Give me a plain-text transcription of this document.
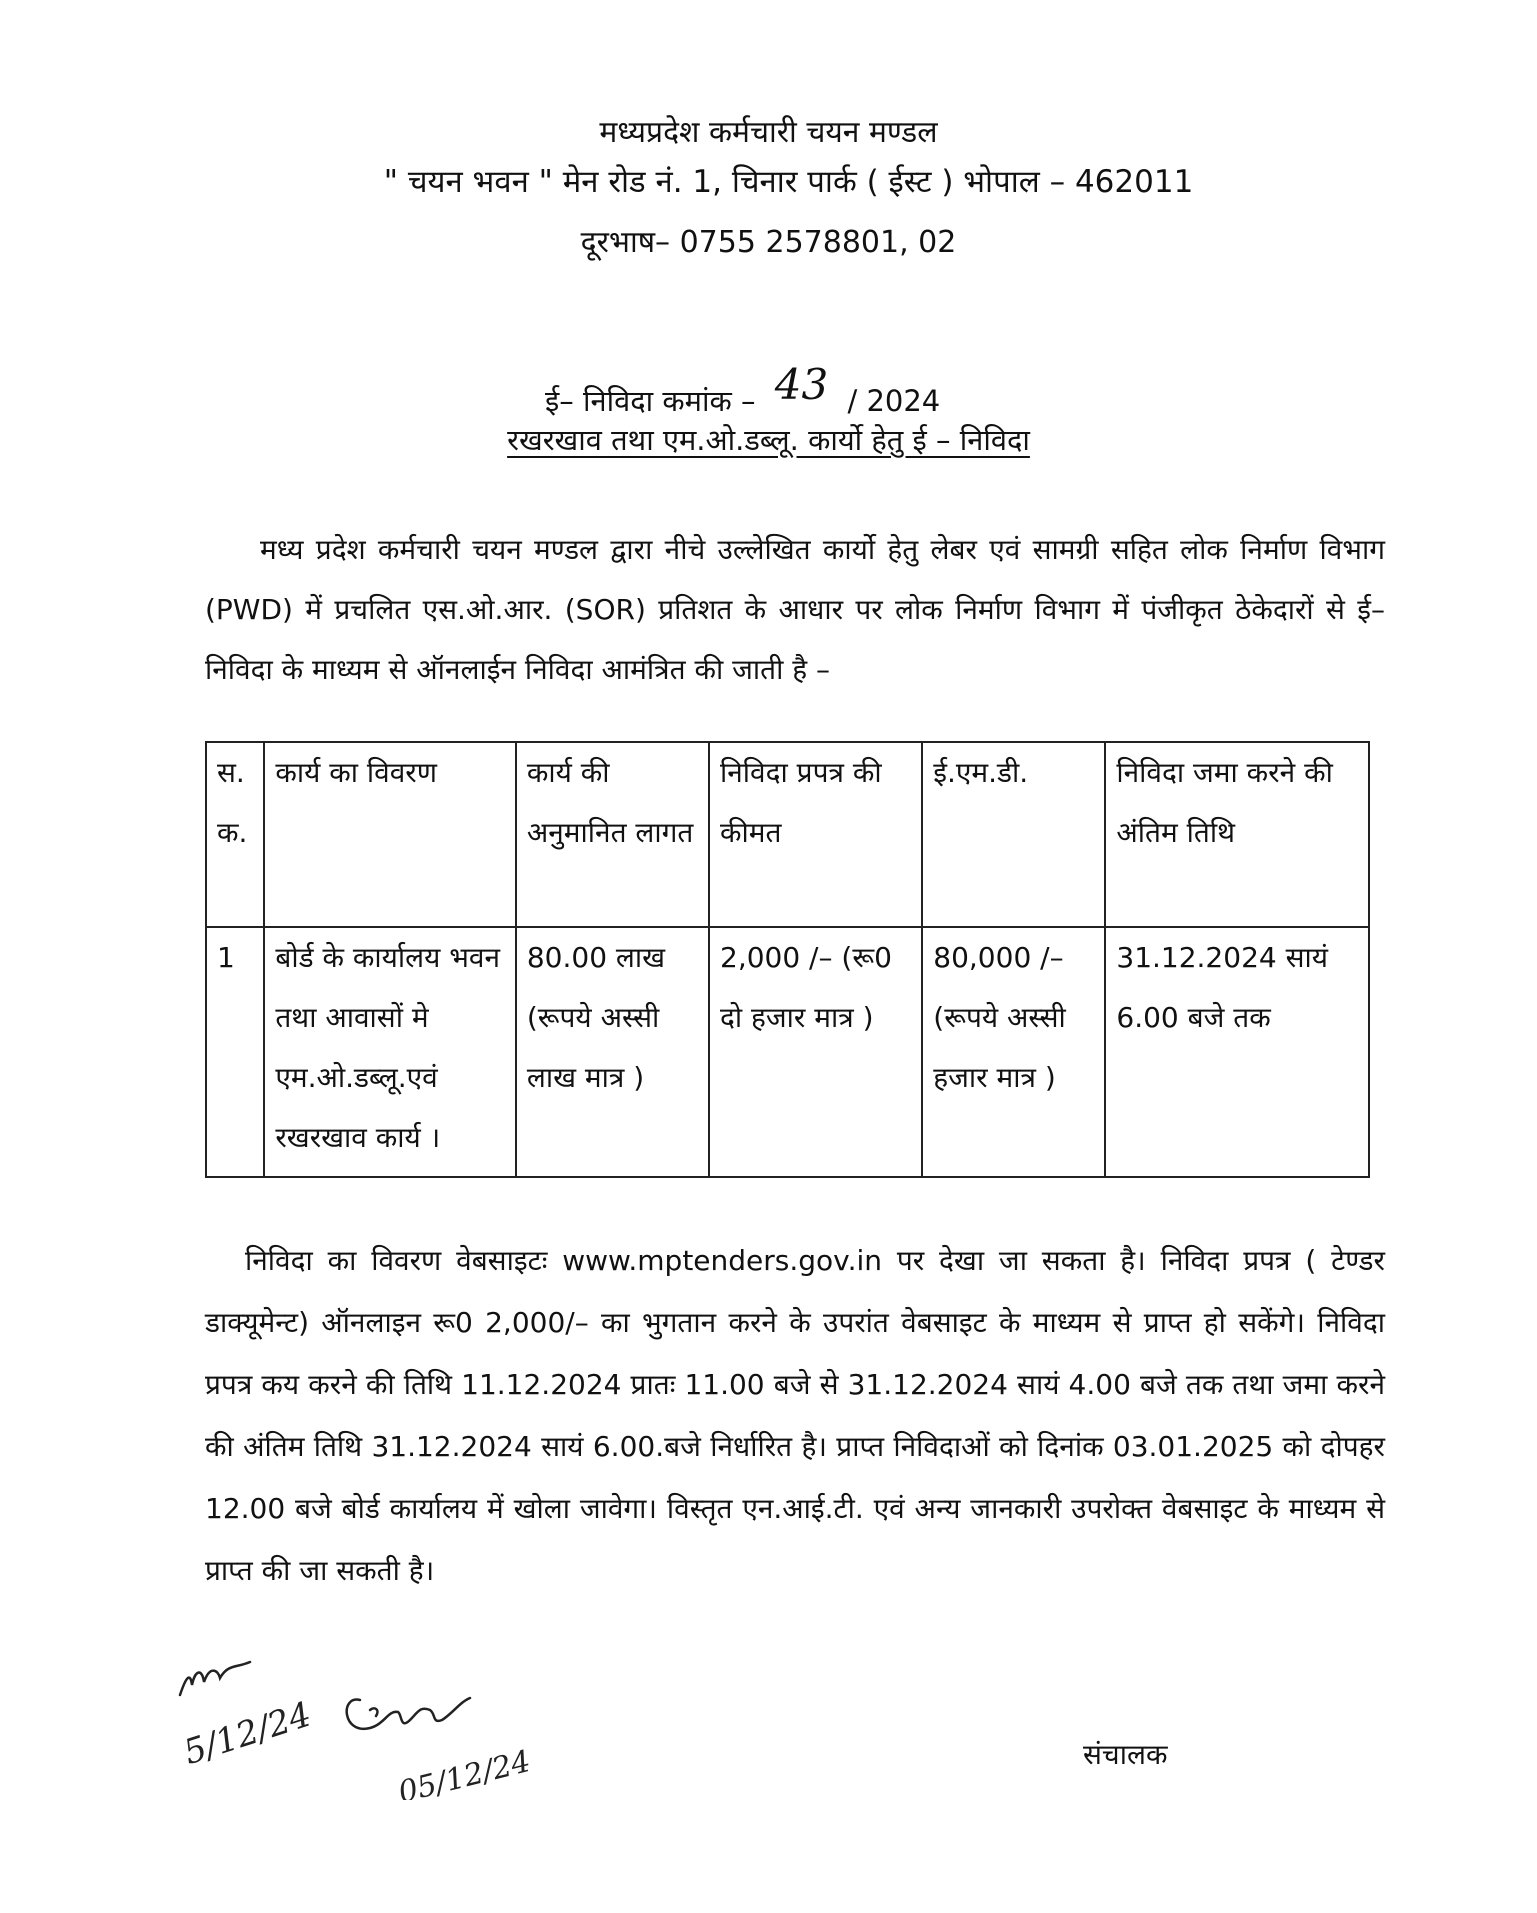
मध्यप्रदेश कर्मचारी चयन मण्डल
" चयन भवन " मेन रोड नं. 1, चिनार पार्क ( ईस्ट ) भोपाल – 462011
दूरभाष– 0755 2578801, 02
ई– निविदा कमांक – 43 / 2024
रखरखाव तथा एम.ओ.डब्लू. कार्यो हेतु ई – निविदा
मध्य प्रदेश कर्मचारी चयन मण्डल द्वारा नीचे उल्लेखित कार्यो हेतु लेबर एवं सामग्री सहित लोक निर्माण विभाग (PWD) में प्रचलित एस.ओ.आर. (SOR) प्रतिशत के आधार पर लोक निर्माण विभाग में पंजीकृत ठेकेदारों से ई– निविदा के माध्यम से ऑनलाईन निविदा आमंत्रित की जाती है –
स. क.	कार्य का विवरण	कार्य की अनुमानित लागत	निविदा प्रपत्र की कीमत	ई.एम.डी.	निविदा जमा करने की अंतिम तिथि
1	बोर्ड के कार्यालय भवन तथा आवासों मे एम.ओ.डब्लू.एवं रखरखाव कार्य ।	80.00 लाख (रूपये अस्सी लाख मात्र )	2,000 /– (रू0 दो हजार मात्र )	80,000 /– (रूपये अस्सी हजार मात्र )	31.12.2024 सायं 6.00 बजे तक
निविदा का विवरण वेबसाइटः www.mptenders.gov.in पर देखा जा सकता है। निविदा प्रपत्र ( टेण्डर डाक्यूमेन्ट) ऑनलाइन रू0 2,000/– का भुगतान करने के उपरांत वेबसाइट के माध्यम से प्राप्त हो सकेंगे। निविदा प्रपत्र कय करने की तिथि 11.12.2024 प्रातः 11.00 बजे से 31.12.2024 सायं 4.00 बजे तक तथा जमा करने की अंतिम तिथि 31.12.2024 सायं 6.00.बजे निर्धारित है। प्राप्त निविदाओं को दिनांक 03.01.2025 को दोपहर 12.00 बजे बोर्ड कार्यालय में खोला जावेगा। विस्तृत एन.आई.टी. एवं अन्य जानकारी उपरोक्त वेबसाइट के माध्यम से प्राप्त की जा सकती है।
5/12/24
05/12/24	संचालक
